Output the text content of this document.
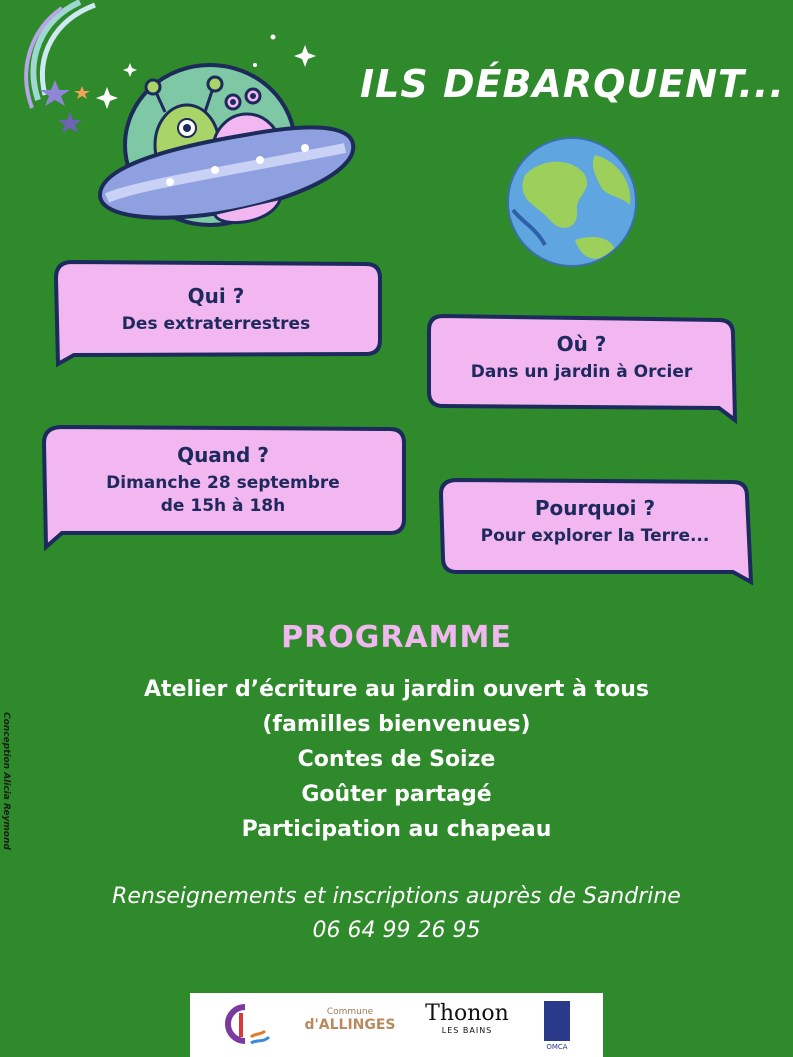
ILS DÉBARQUENT...
Qui ?
Des extraterrestres
Où ?
Dans un jardin à Orcier
Quand ?
Dimanche 28 septembre
de 15h à 18h	Pourquoi ?
Pour explorer la Terre...
PROGRAMME
Atelier d’écriture au jardin ouvert à tous
(familles bienvenues)
Contes de Soize
Goûter partagé
Participation au chapeau
Renseignements et inscriptions auprès de Sandrine
06 64 99 26 95
Conception Alicia Reymond
Commune
d'ALLINGES Thonon
LES BAINS
OMCA
